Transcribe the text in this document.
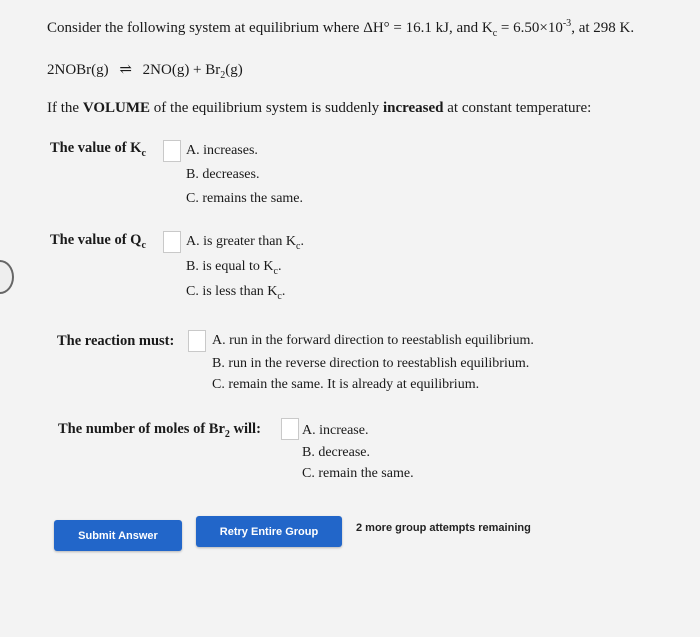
Consider the following system at equilibrium where ΔH° = 16.1 kJ, and $K_c = 6.50\times 10^{-3}$, at 298 K.
2NOBr(g) ⇌ $2NO(g) + Br_2(g)$
If the VOLUME of the equilibrium system is suddenly increased at constant temperature:
The value of $K_c$	A. increases.
B. decreases.
C. remains the same.
The value of $Q_c$	A. is greater than $K_c$.
B. is equal to $K_c$.
C. is less than $K_c$.
The reaction must:	A. run in the forward direction to reestablish equilibrium.
B. run in the reverse direction to reestablish equilibrium.
C. remain the same. It is already at equilibrium.
The number of moles of $Br_2$ will:	A. increase.
B. decrease.
C. remain the same.
Submit Answer	Retry Entire Group	2 more group attempts remaining
